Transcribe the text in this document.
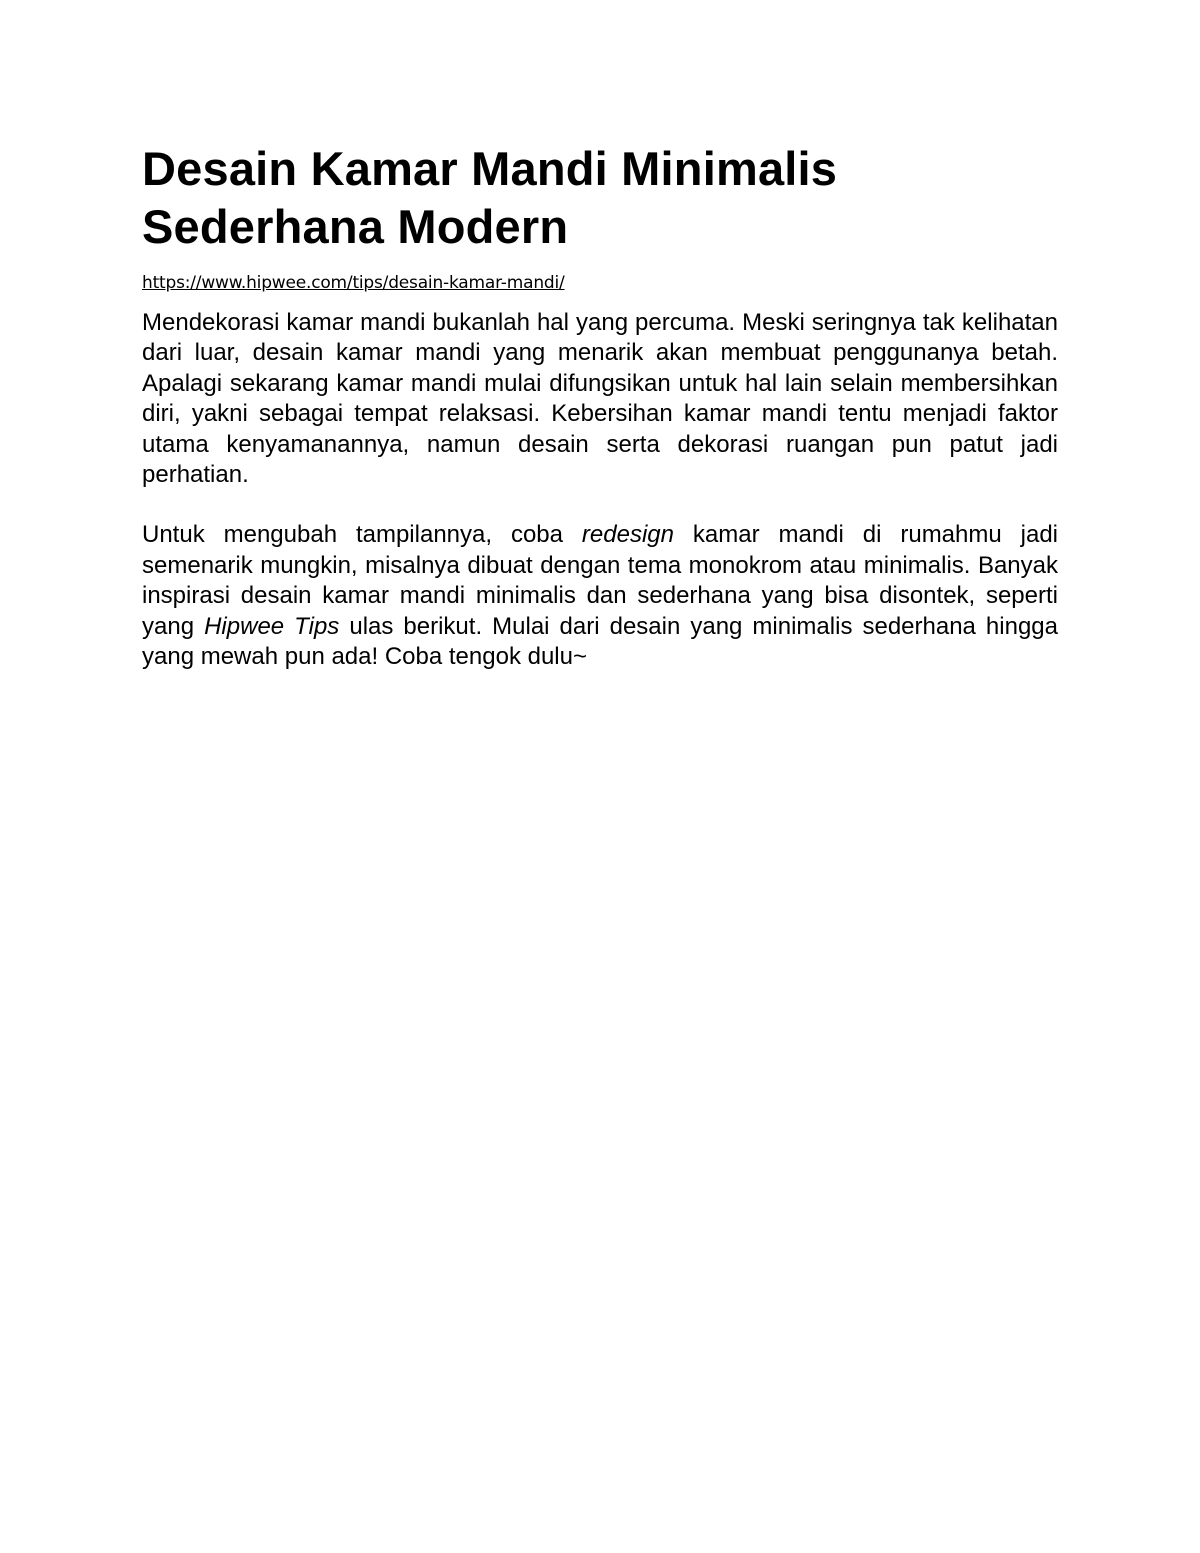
Desain Kamar Mandi Minimalis
Sederhana Modern
https://www.hipwee.com/tips/desain-kamar-mandi/

Mendekorasi kamar mandi bukanlah hal yang percuma. Meski seringnya tak kelihatan dari luar, desain kamar mandi yang menarik akan membuat penggunanya betah. Apalagi sekarang kamar mandi mulai difungsikan untuk hal lain selain membersihkan diri, yakni sebagai tempat relaksasi. Kebersihan kamar mandi tentu menjadi faktor utama kenyamanannya, namun desain serta dekorasi ruangan pun patut jadi perhatian.

Untuk mengubah tampilannya, coba redesign kamar mandi di rumahmu jadi semenarik mungkin, misalnya dibuat dengan tema monokrom atau minimalis. Banyak inspirasi desain kamar mandi minimalis dan sederhana yang bisa disontek, seperti yang Hipwee Tips ulas berikut. Mulai dari desain yang minimalis sederhana hingga yang mewah pun ada! Coba tengok dulu~
